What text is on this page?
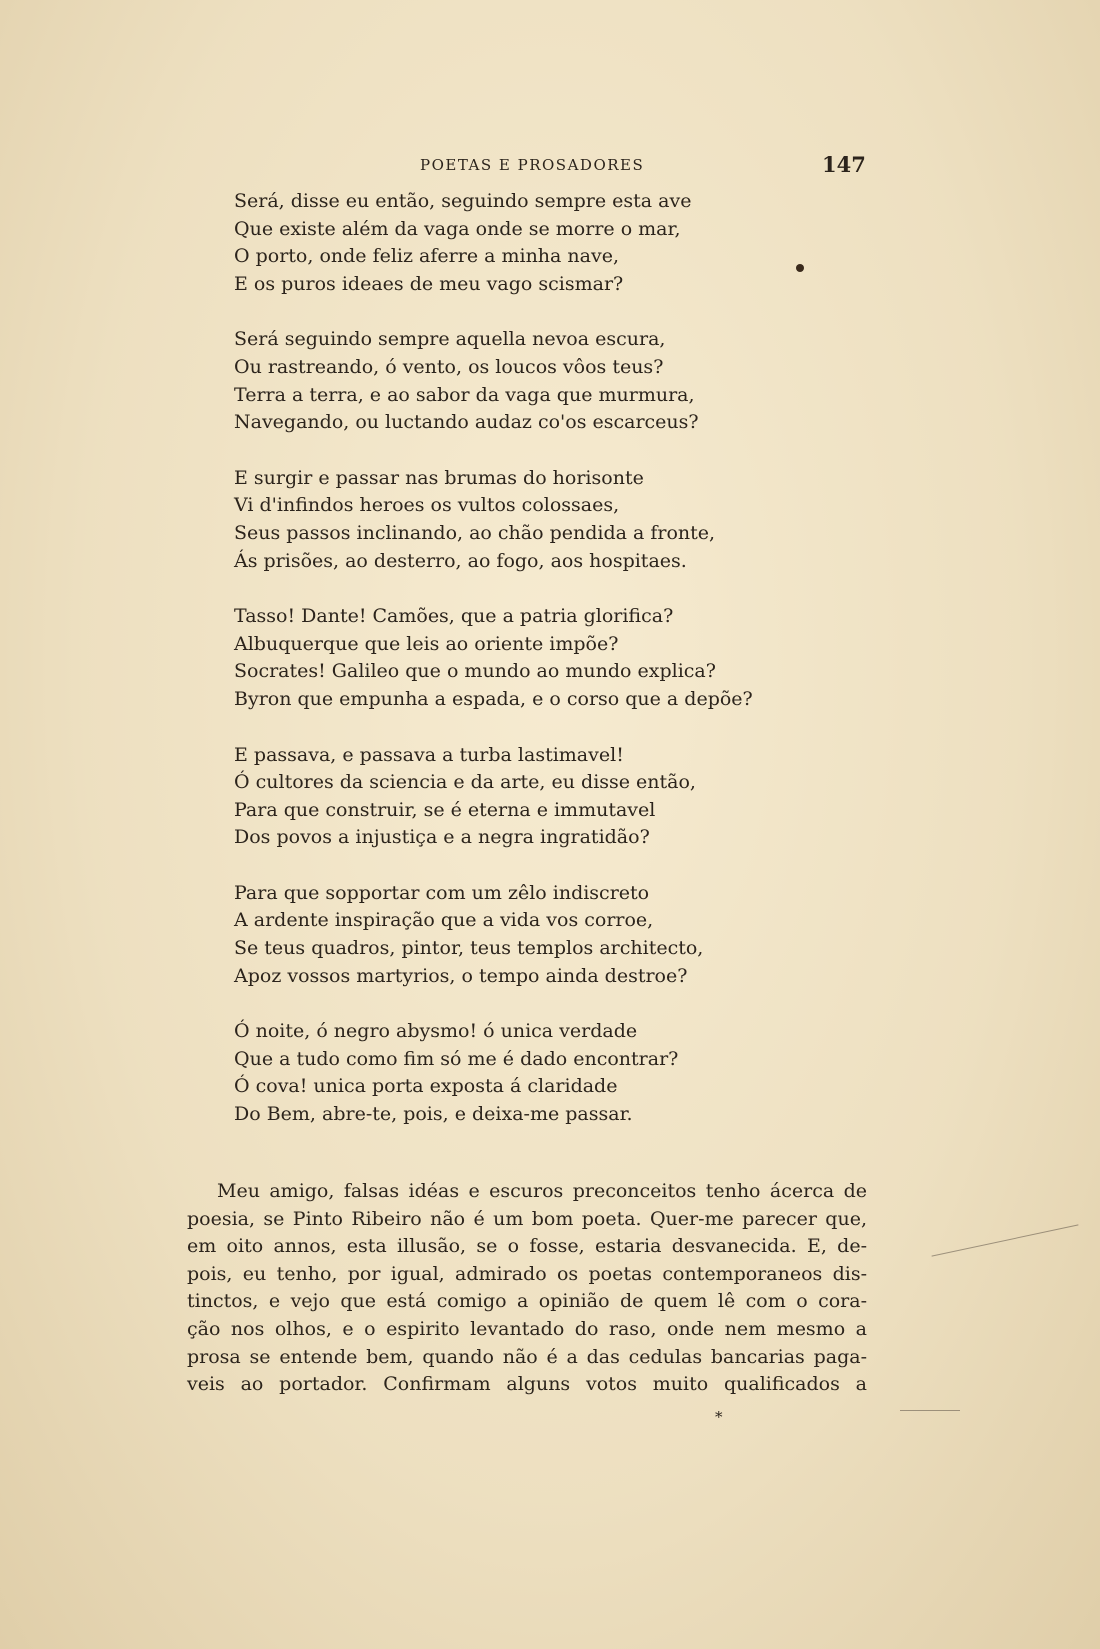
POETAS E PROSADORES	147
Será, disse eu então, seguindo sempre esta ave
Que existe além da vaga onde se morre o mar,
O porto, onde feliz aferre a minha nave,
E os puros ideaes de meu vago scismar?
Será seguindo sempre aquella nevoa escura,
Ou rastreando, ó vento, os loucos vôos teus?
Terra a terra, e ao sabor da vaga que murmura,
Navegando, ou luctando audaz co'os escarceus?
E surgir e passar nas brumas do horisonte
Vi d'infindos heroes os vultos colossaes,
Seus passos inclinando, ao chão pendida a fronte,
Ás prisões, ao desterro, ao fogo, aos hospitaes.
Tasso! Dante! Camões, que a patria glorifica?
Albuquerque que leis ao oriente impõe?
Socrates! Galileo que o mundo ao mundo explica?
Byron que empunha a espada, e o corso que a depõe?
E passava, e passava a turba lastimavel!
Ó cultores da sciencia e da arte, eu disse então,
Para que construir, se é eterna e immutavel
Dos povos a injustiça e a negra ingratidão?
Para que sopportar com um zêlo indiscreto
A ardente inspiração que a vida vos corroe,
Se teus quadros, pintor, teus templos architecto,
Apoz vossos martyrios, o tempo ainda destroe?
Ó noite, ó negro abysmo! ó unica verdade
Que a tudo como fim só me é dado encontrar?
Ó cova! unica porta exposta á claridade
Do Bem, abre-te, pois, e deixa-me passar.
Meu amigo, falsas idéas e escuros preconceitos tenho ácerca de
poesia, se Pinto Ribeiro não é um bom poeta. Quer-me parecer que,
em oito annos, esta illusão, se o fosse, estaria desvanecida. E, de-
pois, eu tenho, por igual, admirado os poetas contemporaneos dis-
tinctos, e vejo que está comigo a opinião de quem lê com o cora-
ção nos olhos, e o espirito levantado do raso, onde nem mesmo a
prosa se entende bem, quando não é a das cedulas bancarias paga-
veis ao portador. Confirmam alguns votos muito qualificados a
*
